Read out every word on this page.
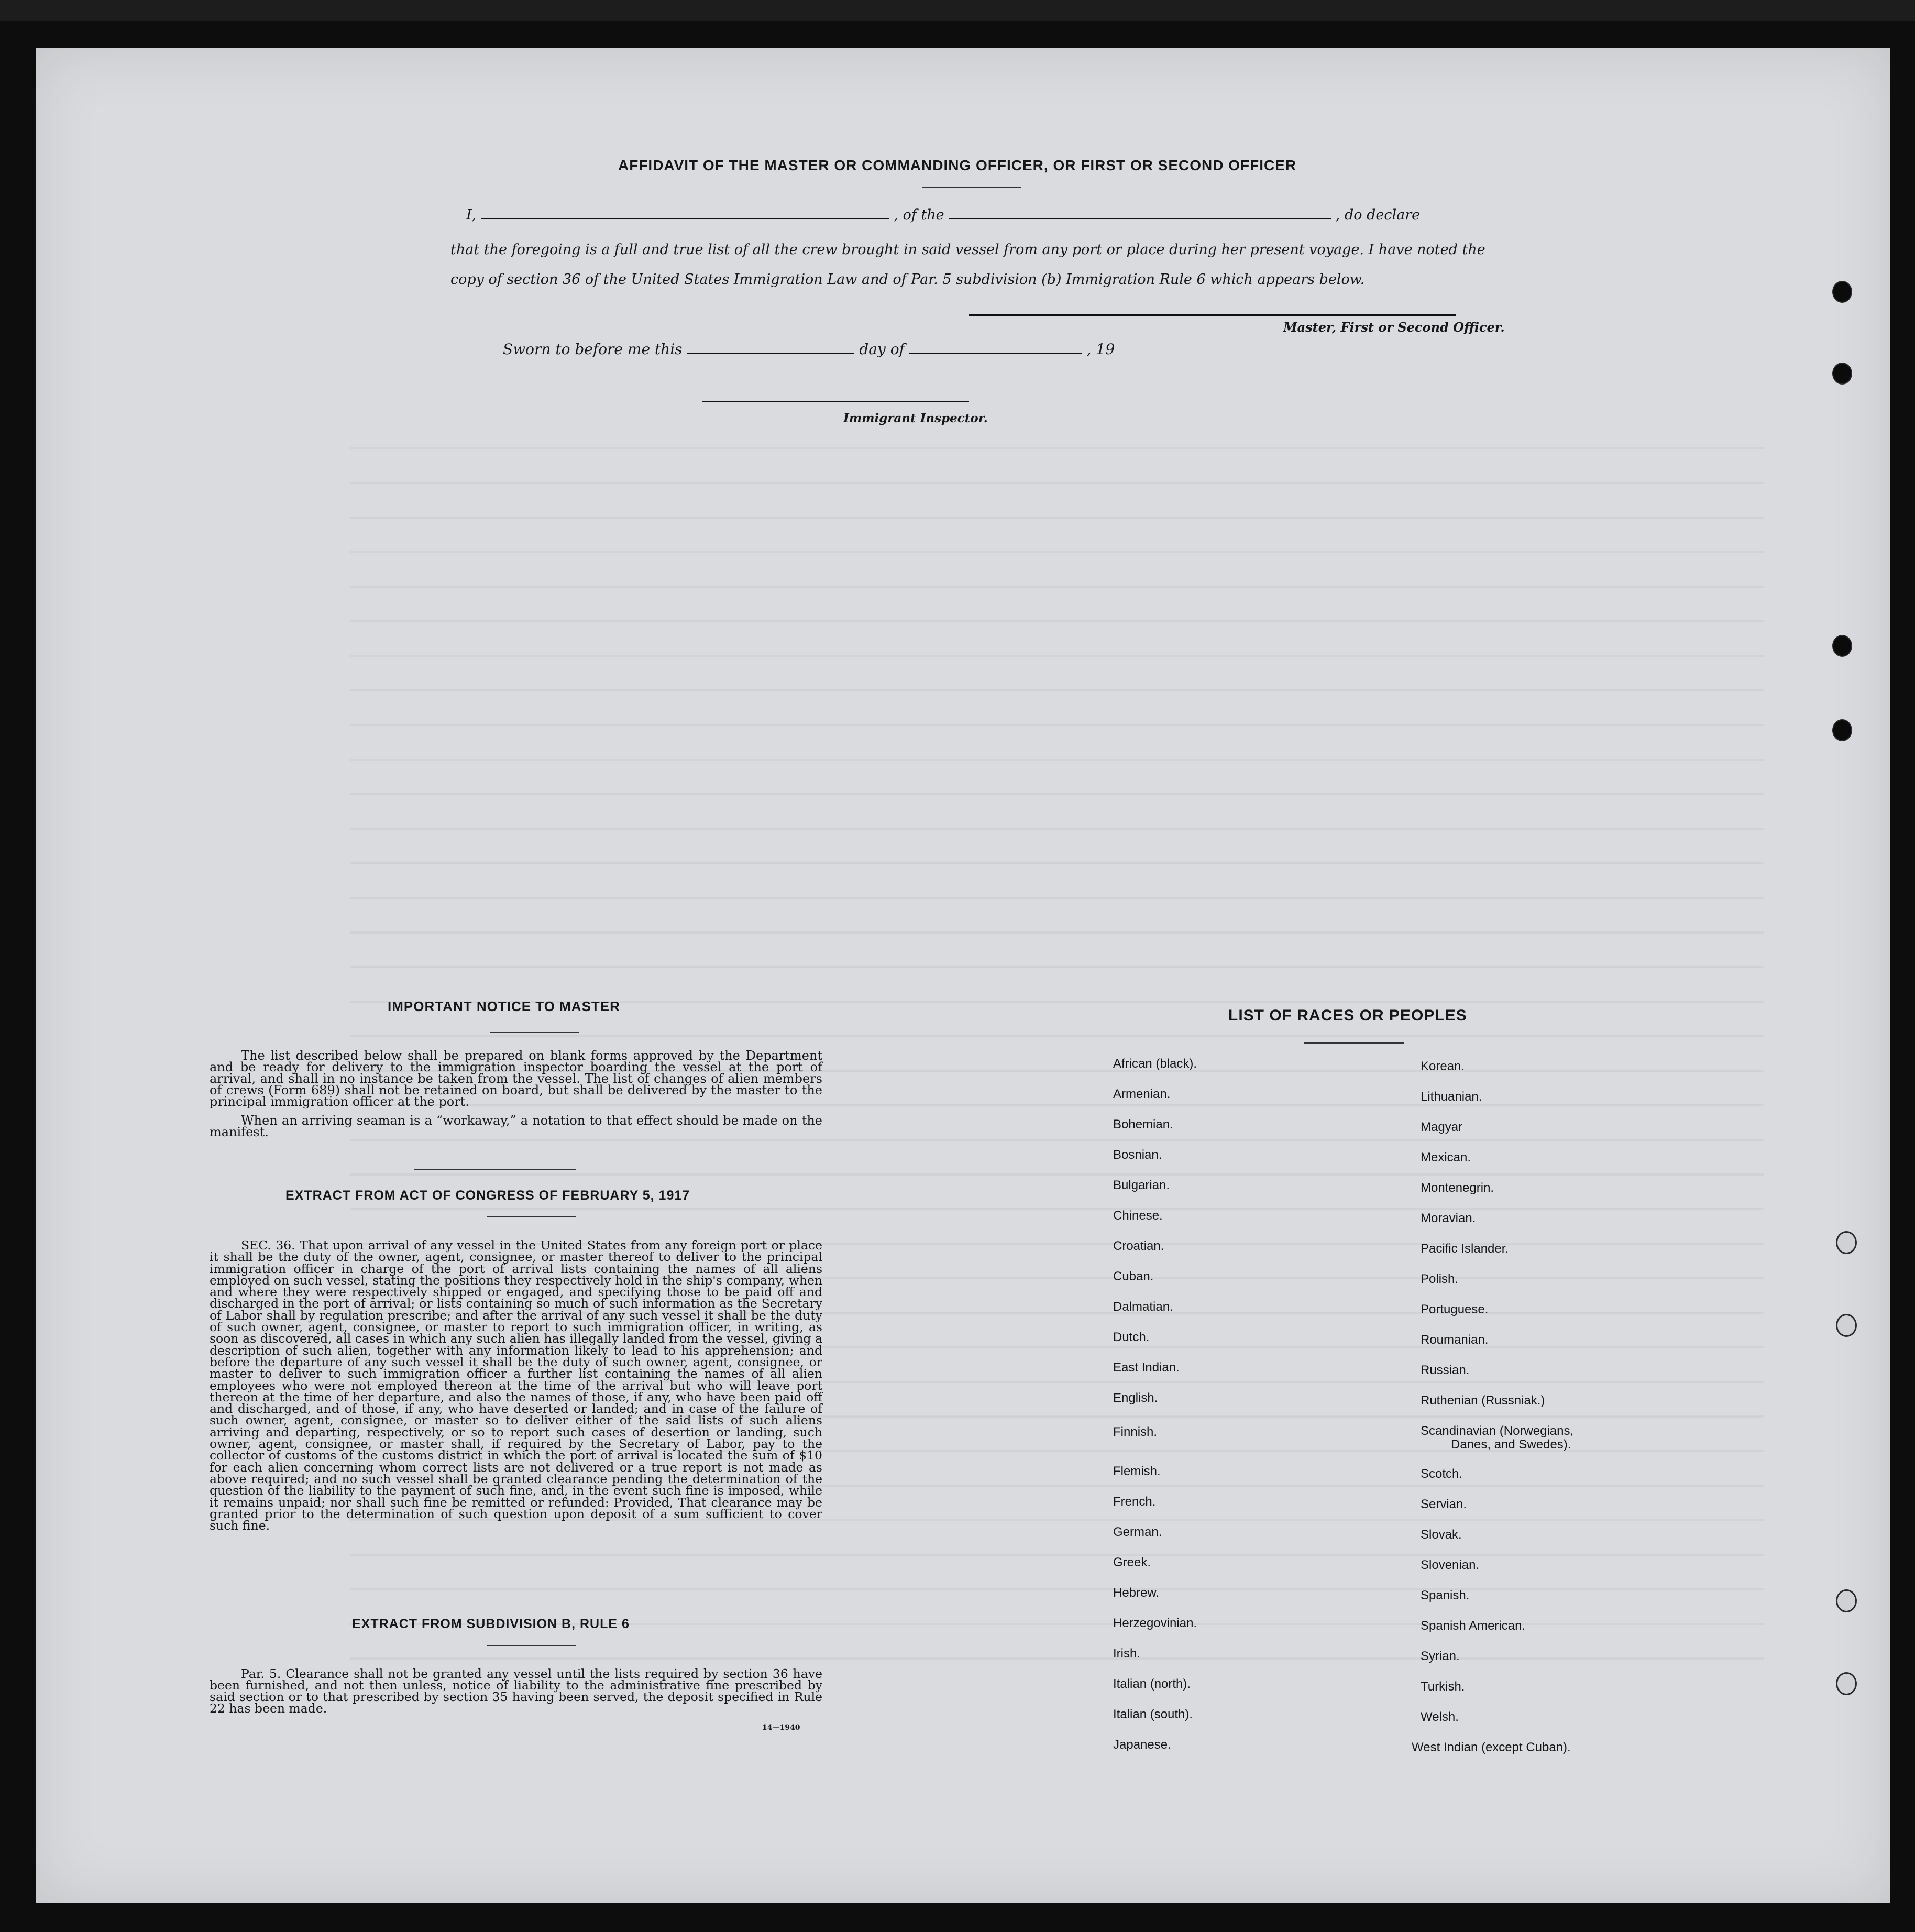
AFFIDAVIT OF THE MASTER OR COMMANDING OFFICER, OR FIRST OR SECOND OFFICER
I,	, of the	, do declare
that the foregoing is a full and true list of all the crew brought in said vessel from any port or place during her present voyage. I have noted the copy of section 36 of the United States Immigration Law and of Par. 5 subdivision (b) Immigration Rule 6 which appears below.
Master, First or Second Officer.
Sworn to before me this	day of	, 19
Immigrant Inspector.
IMPORTANT NOTICE TO MASTER

The list described below shall be prepared on blank forms approved by the Department and be ready for delivery to the immigration inspector boarding the vessel at the port of arrival, and shall in no instance be taken from the vessel. The list of changes of alien members of crews (Form 689) shall not be retained on board, but shall be delivered by the master to the principal immigration officer at the port.

When an arriving seaman is a “workaway,” a notation to that effect should be made on the manifest.

EXTRACT FROM ACT OF CONGRESS OF FEBRUARY 5, 1917

SEC. 36. That upon arrival of any vessel in the United States from any foreign port or place it shall be the duty of the owner, agent, consignee, or master thereof to deliver to the principal immigration officer in charge of the port of arrival lists containing the names of all aliens employed on such vessel, stating the positions they respectively hold in the ship's company, when and where they were respectively shipped or engaged, and specifying those to be paid off and discharged in the port of arrival; or lists containing so much of such information as the Secretary of Labor shall by regulation prescribe; and after the arrival of any such vessel it shall be the duty of such owner, agent, consignee, or master to report to such immigration officer, in writing, as soon as discovered, all cases in which any such alien has illegally landed from the vessel, giving a description of such alien, together with any information likely to lead to his apprehension; and before the departure of any such vessel it shall be the duty of such owner, agent, consignee, or master to deliver to such immigration officer a further list containing the names of all alien employees who were not employed thereon at the time of the arrival but who will leave port thereon at the time of her departure, and also the names of those, if any, who have been paid off and discharged, and of those, if any, who have deserted or landed; and in case of the failure of such owner, agent, consignee, or master so to deliver either of the said lists of such aliens arriving and departing, respectively, or so to report such cases of desertion or landing, such owner, agent, consignee, or master shall, if required by the Secretary of Labor, pay to the collector of customs of the customs district in which the port of arrival is located the sum of $10 for each alien concerning whom correct lists are not delivered or a true report is not made as above required; and no such vessel shall be granted clearance pending the determination of the question of the liability to the payment of such fine, and, in the event such fine is imposed, while it remains unpaid; nor shall such fine be remitted or refunded: Provided, That clearance may be granted prior to the determination of such question upon deposit of a sum sufficient to cover such fine.

EXTRACT FROM SUBDIVISION B, RULE 6

Par. 5. Clearance shall not be granted any vessel until the lists required by section 36 have been furnished, and not then unless, notice of liability to the administrative fine prescribed by said section or to that prescribed by section 35 having been served, the deposit specified in Rule 22 has been made.

14—1940
LIST OF RACES OR PEOPLES
African (black).
Armenian.
Bohemian.
Bosnian.
Bulgarian.
Chinese.
Croatian.
Cuban.
Dalmatian.
Dutch.
East Indian.
English.
Finnish.
Flemish.
French.
German.
Greek.
Hebrew.
Herzegovinian.
Irish.
Italian (north).
Italian (south).
Japanese.
Korean.
Lithuanian.
Magyar
Mexican.
Montenegrin.
Moravian.
Pacific Islander.
Polish.
Portuguese.
Roumanian.
Russian.
Ruthenian (Russniak.)
Scandinavian (Norwegians,
Danes, and Swedes).
Scotch.
Servian.
Slovak.
Slovenian.
Spanish.
Spanish American.
Syrian.
Turkish.
Welsh.
West Indian (except Cuban).
